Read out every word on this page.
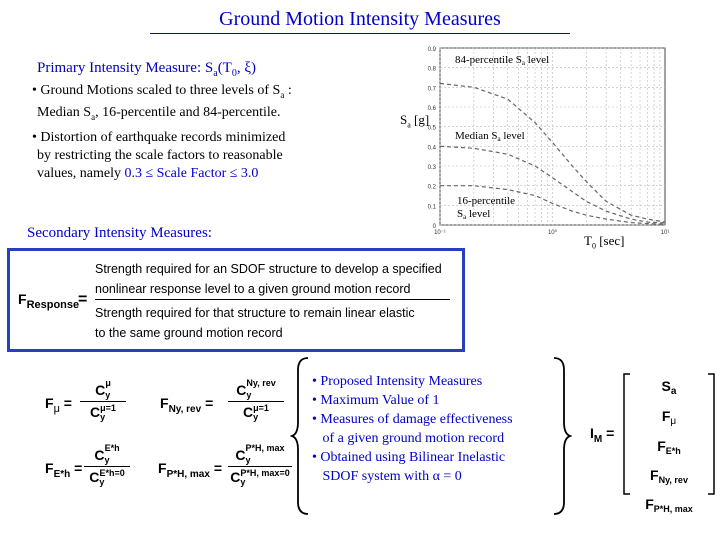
Ground Motion Intensity Measures
Primary Intensity Measure: $S_a(T_0$, ξ)
• Ground Motions scaled to three levels of $S_a$ :
Median $S_a$, 16-percentile and 84-percentile.
• Distortion of earthquake records minimized
by restricting the scale factors to reasonable
values, namely 0.3 ≤ Scale Factor ≤ 3.0
Secondary Intensity Measures:	0
0.1
0.2
0.3
0.4
0.5
0.6
0.7
0.8
0.9
10⁻¹	10⁰	10¹
84-percentile Sa level
Median Sa level
16-percentile
Sa level
$S_a$ [g]
$T_0$ [sec]
$F_{Response}$
=
Strength required for an SDOF structure to develop a specified
nonlinear response level to a given ground motion record
Strength required for that structure to remain linear elastic
to the same ground motion record
$F_\mu$ =
$C_y^\mu$
$C_y^{\mu=1}$	$F_{Ny, rev}$ =
$C_y^{Ny, rev}$
$C_y^{\mu=1}$
$F_{E*h}$ =
$C_y^{E*h}$
$C_y^{E*h=0}$	$F_{P*H, max}$ =
$C_y^{P*H, max}$
$C_y^{P*H, max=0}$
• Proposed Intensity Measures
• Maximum Value of 1
• Measures of damage effectiveness
of a given ground motion record
• Obtained using Bilinear Inelastic
SDOF system with α = 0
$I_M$ =
$S_a$
$F_\mu$
$F_{E*h}$
$F_{Ny, rev}$
$F_{P*H, max}$
